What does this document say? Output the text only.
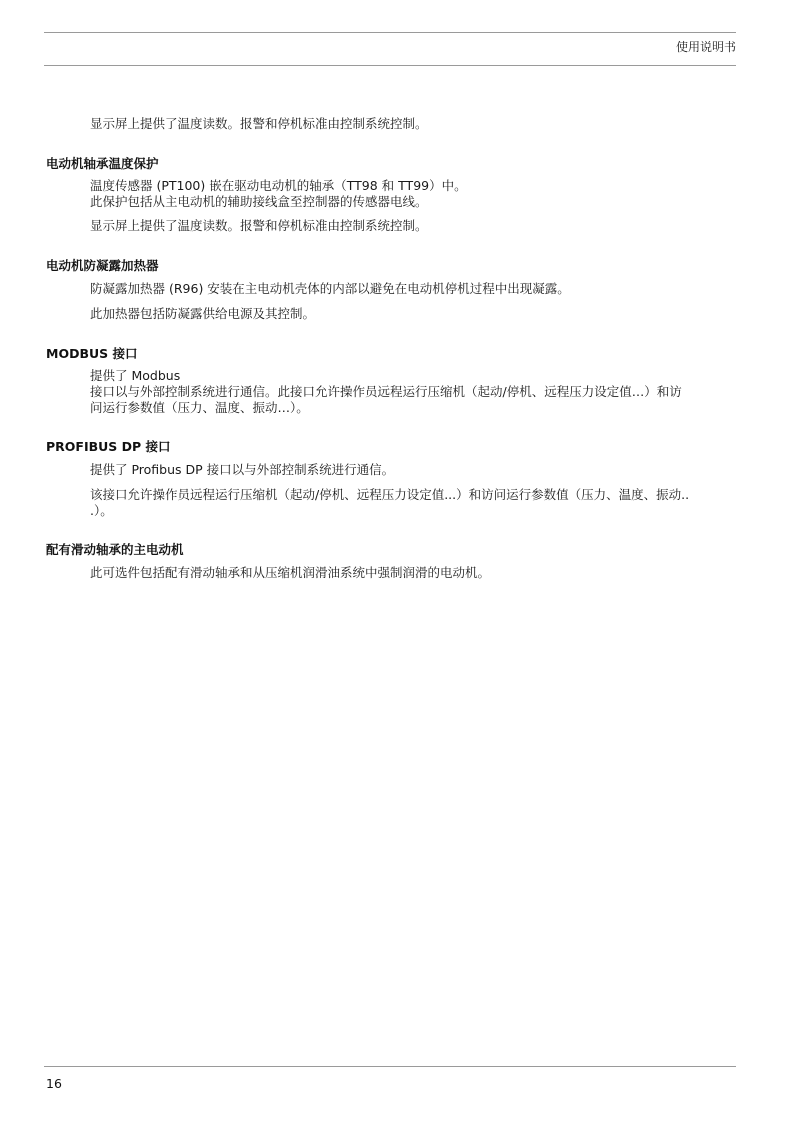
使用说明书

显示屏上提供了温度读数。报警和停机标准由控制系统控制。

电动机轴承温度保护

温度传感器 (PT100) 嵌在驱动电动机的轴承（TT98 和 TT99）中。
此保护包括从主电动机的辅助接线盒至控制器的传感器电线。

显示屏上提供了温度读数。报警和停机标准由控制系统控制。

电动机防凝露加热器

防凝露加热器 (R96) 安装在主电动机壳体的内部以避免在电动机停机过程中出现凝露。

此加热器包括防凝露供给电源及其控制。

MODBUS 接口

提供了 Modbus
接口以与外部控制系统进行通信。此接口允许操作员远程运行压缩机（起动/停机、远程压力设定值…）和访
问运行参数值（压力、温度、振动…）。

PROFIBUS DP 接口

提供了 Profibus DP 接口以与外部控制系统进行通信。

该接口允许操作员远程运行压缩机（起动/停机、远程压力设定值...）和访问运行参数值（压力、温度、振动..
.）。

配有滑动轴承的主电动机

此可选件包括配有滑动轴承和从压缩机润滑油系统中强制润滑的电动机。

16
